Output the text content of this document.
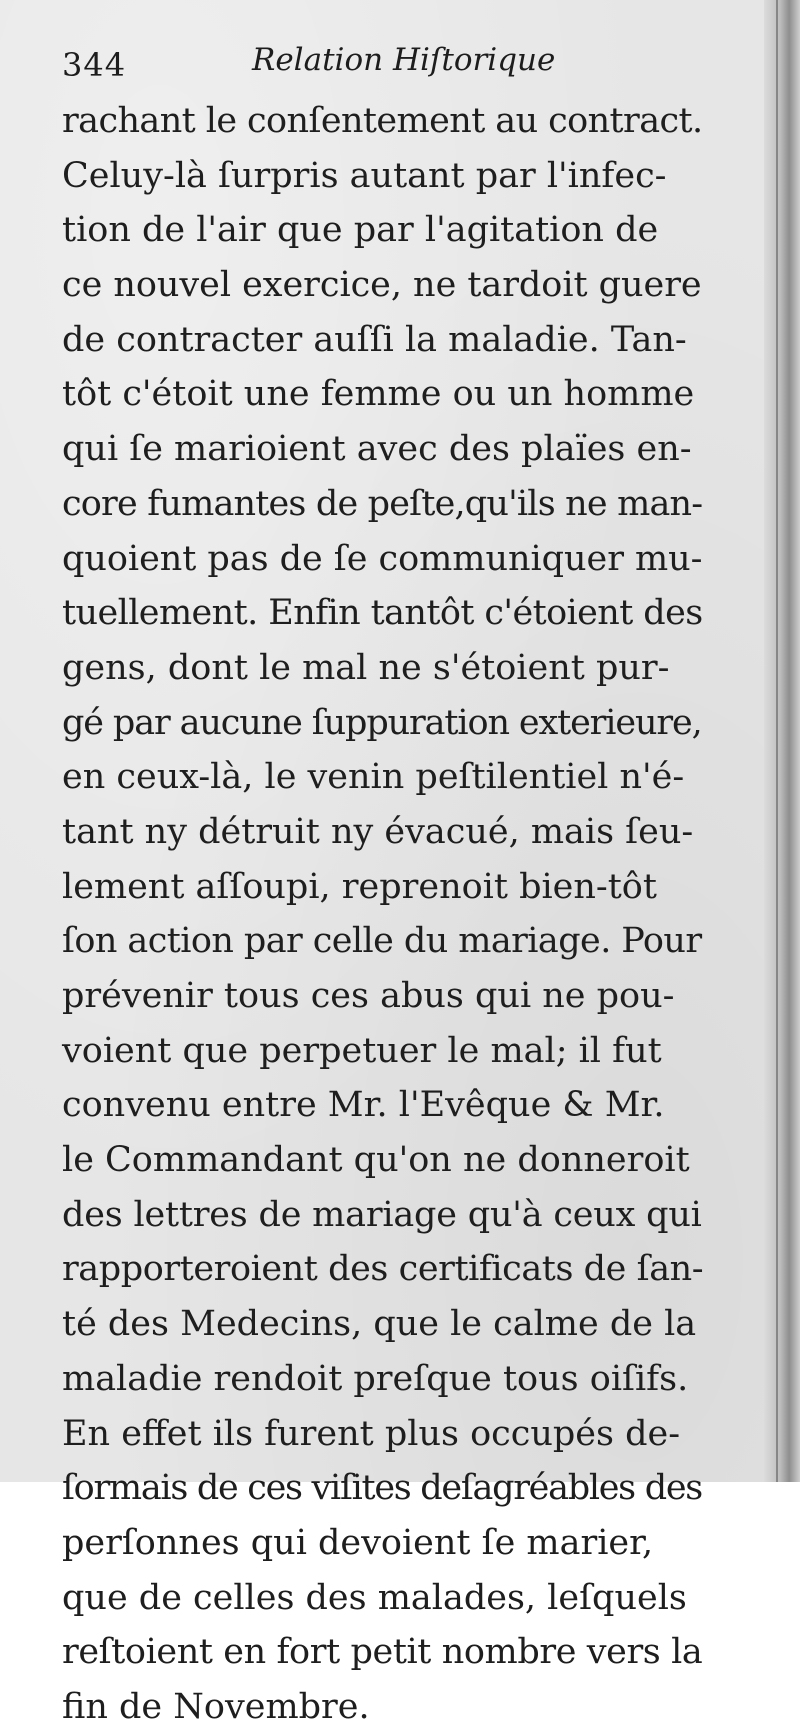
344	Relation Hiſtorique
rachant le conſentement au contract.
Celuy-là ſurpris autant par l'infec-
tion de l'air que par l'agitation de
ce nouvel exercice, ne tardoit guere
de contracter auſſi la maladie. Tan-
tôt c'étoit une femme ou un homme
qui ſe marioient avec des plaïes en-
core fumantes de peſte,qu'ils ne man-
quoient pas de ſe communiquer mu-
tuellement. Enfin tantôt c'étoient des
gens, dont le mal ne s'étoient pur-
gé par aucune ſuppuration exterieure,
en ceux-là, le venin peſtilentiel n'é-
tant ny détruit ny évacué, mais ſeu-
lement aſſoupi, reprenoit bien-tôt
ſon action par celle du mariage. Pour
prévenir tous ces abus qui ne pou-
voient que perpetuer le mal; il fut
convenu entre Mr. l'Evêque & Mr.
le Commandant qu'on ne donneroit
des lettres de mariage qu'à ceux qui
rapporteroient des certificats de ſan-
té des Medecins, que le calme de la
maladie rendoit preſque tous oiſifs.
En effet ils furent plus occupés de-
ſormais de ces viſites deſagréables des
perſonnes qui devoient ſe marier,
que de celles des malades, leſquels
reſtoient en fort petit nombre vers la
fin de Novembre.
